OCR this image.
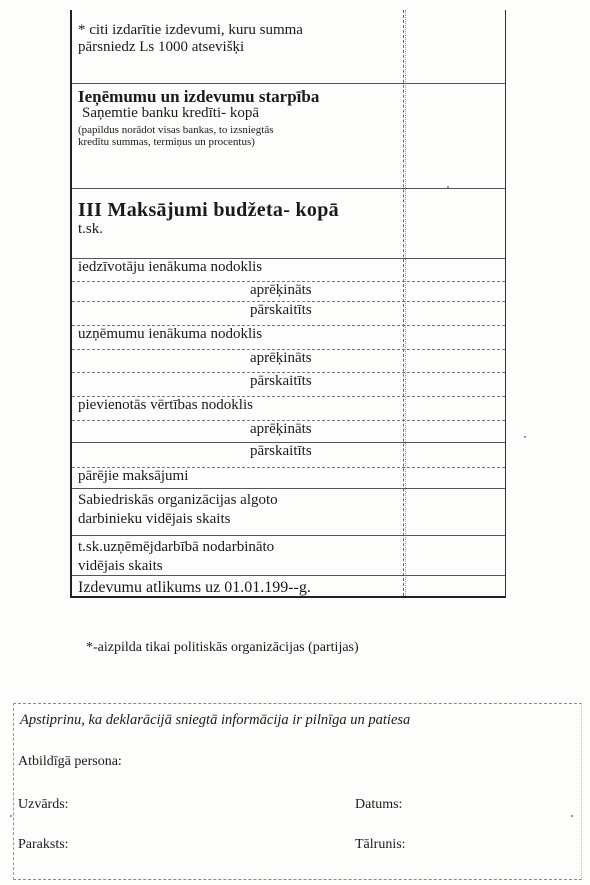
* citi izdarītie izdevumi, kuru summa
pārsniedz Ls 1000 atsevišķi
Ieņēmumu un izdevumu starpība
Saņemtie banku kredīti- kopā
(papildus norādot visas bankas, to izsniegtās
kredītu summas, termiņus un procentus)
III Maksājumi budžeta- kopā
t.sk.
iedzīvotāju ienākuma nodoklis
aprēķināts
pārskaitīts
uzņēmumu ienākuma nodoklis
aprēķināts
pārskaitīts
pievienotās vērtības nodoklis
aprēķināts
pārskaitīts
pārējie maksājumi
Sabiedriskās organizācijas algoto
darbinieku vidējais skaits
t.sk.uzņēmējdarbībā nodarbināto
vidējais skaits
Izdevumu atlikums uz 01.01.199--g.
*-aizpilda tikai politiskās organizācijas (partijas)
Apstiprinu, ka deklarācijā sniegtā informācija ir pilnīga un patiesa
Atbildīgā persona:
Uzvārds:	Datums:
Paraksts:	Tālrunis:
